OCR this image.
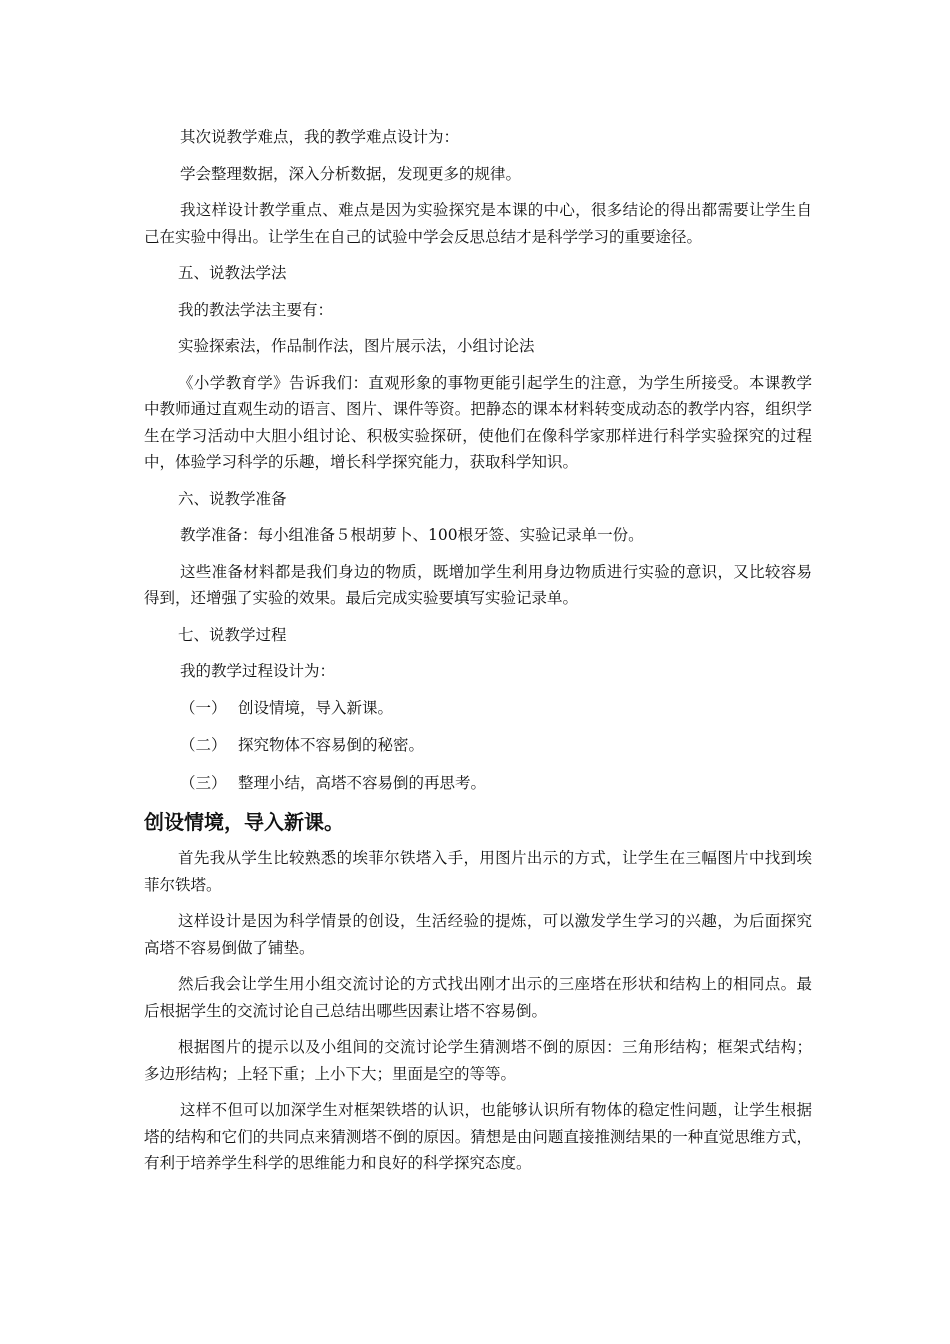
其次说教学难点，我的教学难点设计为：

学会整理数据，深入分析数据，发现更多的规律。

我这样设计教学重点、难点是因为实验探究是本课的中心，很多结论的得出都需要让学生自己在实验中得出。让学生在自己的试验中学会反思总结才是科学学习的重要途径。

五、说教法学法

我的教法学法主要有：

实验探索法，作品制作法，图片展示法，小组讨论法

《小学教育学》告诉我们：直观形象的事物更能引起学生的注意，为学生所接受。本课教学中教师通过直观生动的语言、图片、课件等资。把静态的课本材料转变成动态的教学内容，组织学生在学习活动中大胆小组讨论、积极实验探研，使他们在像科学家那样进行科学实验探究的过程中，体验学习科学的乐趣，增长科学探究能力，获取科学知识。

六、说教学准备

教学准备：每小组准备５根胡萝卜、100根牙签、实验记录单一份。

这些准备材料都是我们身边的物质，既增加学生利用身边物质进行实验的意识，又比较容易得到，还增强了实验的效果。最后完成实验要填写实验记录单。

七、说教学过程

我的教学过程设计为：

（一） 创设情境，导入新课。
（二） 探究物体不容易倒的秘密。
（三） 整理小结，高塔不容易倒的再思考。
创设情境，导入新课。

首先我从学生比较熟悉的埃菲尔铁塔入手，用图片出示的方式，让学生在三幅图片中找到埃菲尔铁塔。

这样设计是因为科学情景的创设，生活经验的提炼，可以激发学生学习的兴趣，为后面探究高塔不容易倒做了铺垫。

然后我会让学生用小组交流讨论的方式找出刚才出示的三座塔在形状和结构上的相同点。最后根据学生的交流讨论自己总结出哪些因素让塔不容易倒。

根据图片的提示以及小组间的交流讨论学生猜测塔不倒的原因：三角形结构；框架式结构；多边形结构；上轻下重；上小下大；里面是空的等等。

这样不但可以加深学生对框架铁塔的认识，也能够认识所有物体的稳定性问题，让学生根据塔的结构和它们的共同点来猜测塔不倒的原因。猜想是由问题直接推测结果的一种直觉思维方式，有利于培养学生科学的思维能力和良好的科学探究态度。
